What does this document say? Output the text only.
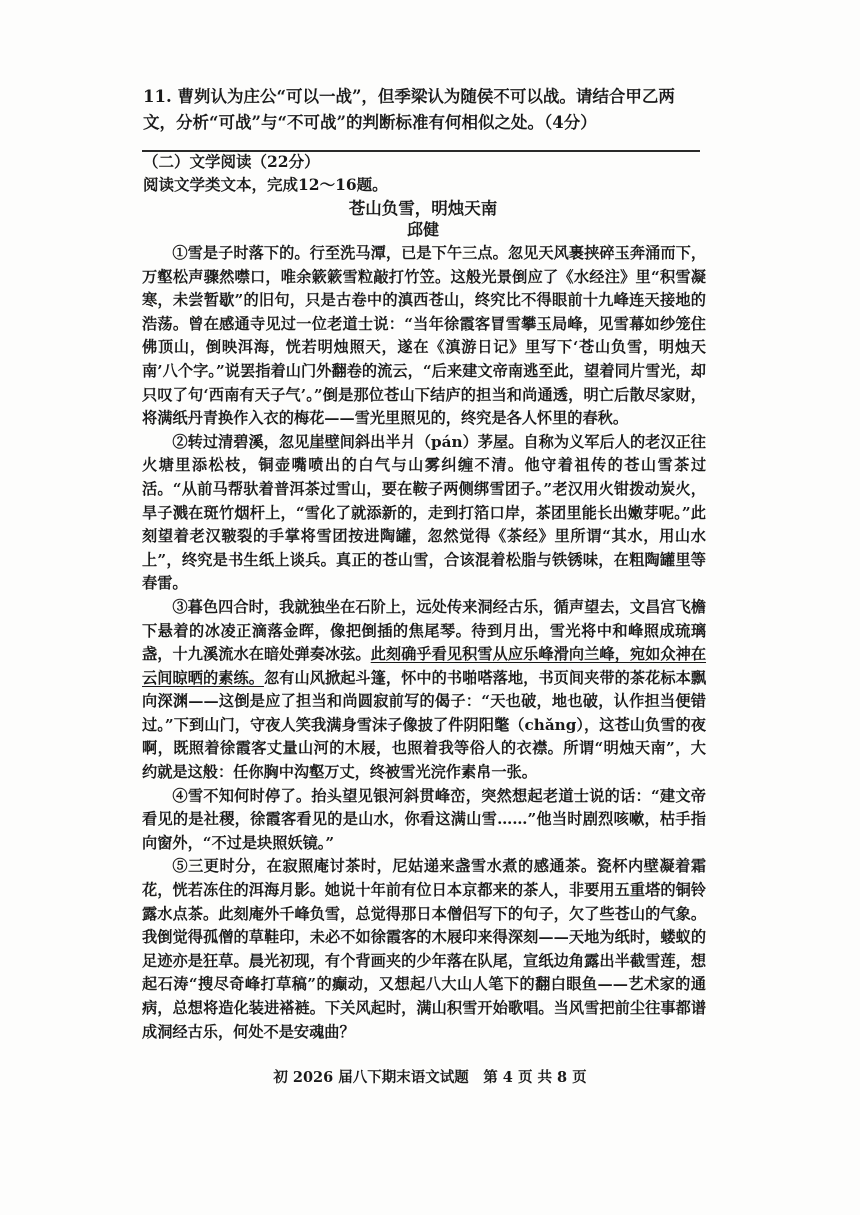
11. 曹刿认为庄公“可以一战”，但季梁认为随侯不可以战。请结合甲乙两文，分析“可战”与“不可战”的判断标准有何相似之处。（4分）
（二）文学阅读（22分）
阅读文学类文本，完成12～16题。
苍山负雪，明烛天南
邱健

①雪是子时落下的。行至洗马潭，已是下午三点。忽见天风裹挟碎玉奔涌而下，万壑松声骤然噤口，唯余簌簌雪粒敲打竹笠。这般光景倒应了《水经注》里“积雪凝寒，未尝暂歇”的旧句，只是古卷中的滇西苍山，终究比不得眼前十九峰连天接地的浩荡。曾在感通寺见过一位老道士说：“当年徐霞客冒雪攀玉局峰，见雪幕如纱笼住佛顶山，倒映洱海，恍若明烛照天，遂在《滇游日记》里写下‘苍山负雪，明烛天南’八个字。”说罢指着山门外翻卷的流云，“后来建文帝南逃至此，望着同片雪光，却只叹了句‘西南有天子气’。”倒是那位苍山下结庐的担当和尚通透，明亡后散尽家财，将满纸丹青换作入衣的梅花——雪光里照见的，终究是各人怀里的春秋。

②转过清碧溪，忽见崖壁间斜出半爿（pán）茅屋。自称为义军后人的老汉正往火塘里添松枝，铜壶嘴喷出的白气与山雾纠缠不清。他守着祖传的苍山雪茶过活。“从前马帮驮着普洱茶过雪山，要在鞍子两侧绑雪团子。”老汉用火钳拨动炭火，旱子溅在斑竹烟杆上，“雪化了就添新的，走到打箔口岸，茶团里能长出嫩芽呢。”此刻望着老汉皲裂的手掌将雪团按进陶罐，忽然觉得《茶经》里所谓“其水，用山水上”，终究是书生纸上谈兵。真正的苍山雪，合该混着松脂与铁锈味，在粗陶罐里等春雷。

③暮色四合时，我就独坐在石阶上，远处传来洞经古乐，循声望去，文昌宫飞檐下悬着的冰凌正滴落金晖，像把倒插的焦尾琴。待到月出，雪光将中和峰照成琉璃盏，十九溪流水在暗处弹奏冰弦。此刻确乎看见积雪从应乐峰滑向兰峰，宛如众神在云间晾晒的素练。忽有山风掀起斗篷，怀中的书啪嗒落地，书页间夹带的茶花标本飘向深渊——这倒是应了担当和尚圆寂前写的偈子：“天也破，地也破，认作担当便错过。”下到山门，守夜人笑我满身雪沫子像披了件阴阳氅（chǎng），这苍山负雪的夜啊，既照着徐霞客丈量山河的木屐，也照着我等俗人的衣襟。所谓“明烛天南”，大约就是这般：任你胸中沟壑万丈，终被雪光浣作素帛一张。

④雪不知何时停了。抬头望见银河斜贯峰峦，突然想起老道士说的话：“建文帝看见的是社稷，徐霞客看见的是山水，你看这满山雪……”他当时剧烈咳嗽，枯手指向窗外，“不过是块照妖镜。”

⑤三更时分，在寂照庵讨茶时，尼姑递来盏雪水煮的感通茶。瓷杯内壁凝着霜花，恍若冻住的洱海月影。她说十年前有位日本京都来的茶人，非要用五重塔的铜铃露水点茶。此刻庵外千峰负雪，总觉得那日本僧侣写下的句子，欠了些苍山的气象。我倒觉得孤僧的草鞋印，未必不如徐霞客的木屐印来得深刻——天地为纸时，蝼蚁的足迹亦是狂草。晨光初现，有个背画夹的少年落在队尾，宣纸边角露出半截雪莲，想起石涛“搜尽奇峰打草稿”的癫动，又想起八大山人笔下的翻白眼鱼——艺术家的通病，总想将造化装进褡裢。下关风起时，满山积雪开始歌唱。当风雪把前尘往事都谱成洞经古乐，何处不是安魂曲？

初 2026 届八下期末语文试题　第 4 页 共 8 页
